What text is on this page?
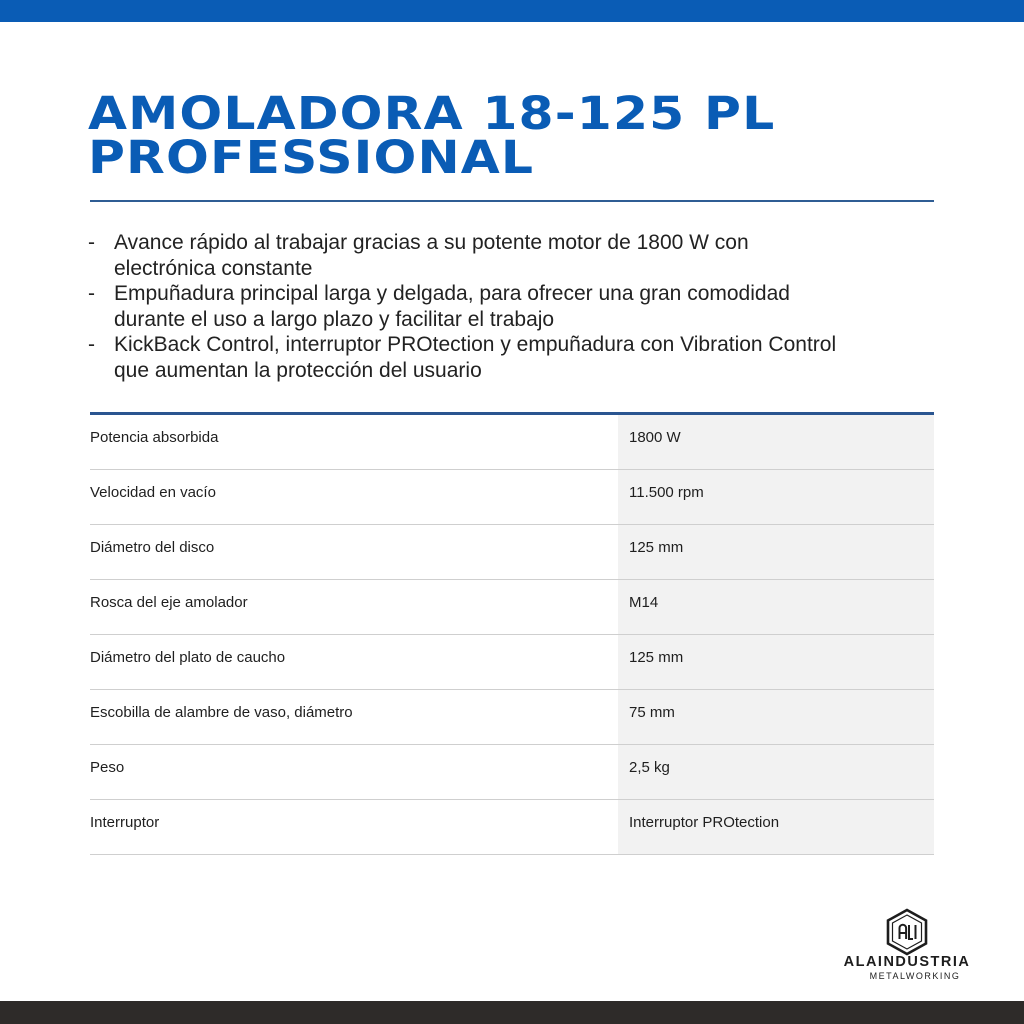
AMOLADORA 18-125 PL
PROFESSIONAL
- Avance rápido al trabajar gracias a su potente motor de 1800 W con
electrónica constante
- Empuñadura principal larga y delgada, para ofrecer una gran comodidad
durante el uso a largo plazo y facilitar el trabajo
- KickBack Control, interruptor PROtection y empuñadura con Vibration Control
que aumentan la protección del usuario
Potencia absorbida	1800 W
Velocidad en vacío	11.500 rpm
Diámetro del disco	125 mm
Rosca del eje amolador	M14
Diámetro del plato de caucho	125 mm
Escobilla de alambre de vaso, diámetro	75 mm
Peso	2,5 kg
Interruptor	Interruptor PROtection
ALAINDUSTRIA
METALWORKING
